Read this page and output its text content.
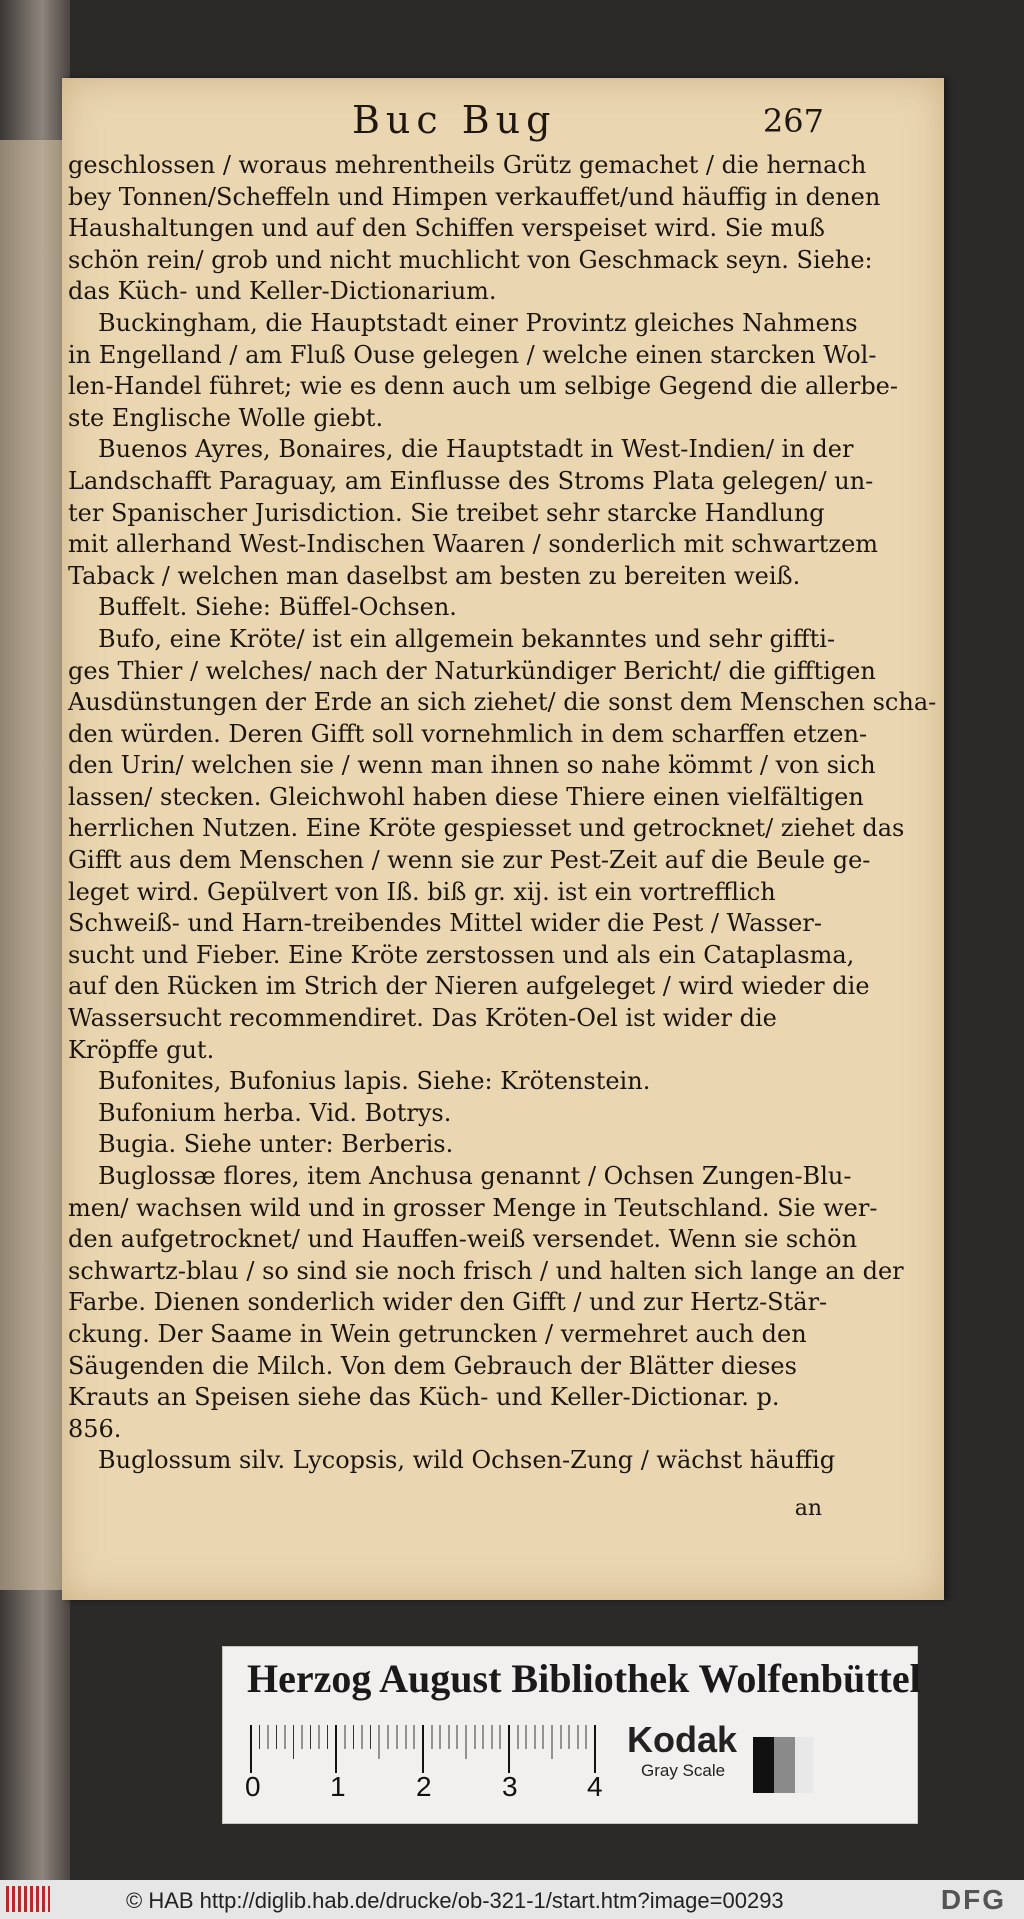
Buc Bug	267
geschlossen / woraus mehrentheils Grütz gemachet / die hernach
bey Tonnen/Scheffeln und Himpen verkauffet/und häuffig in denen
Haushaltungen und auf den Schiffen verspeiset wird. Sie muß
schön rein/ grob und nicht muchlicht von Geschmack seyn. Siehe:
das Küch- und Keller-Dictionarium.
Buckingham, die Hauptstadt einer Provintz gleiches Nahmens
in Engelland / am Fluß Ouse gelegen / welche einen starcken Wol-
len-Handel führet; wie es denn auch um selbige Gegend die allerbe-
ste Englische Wolle giebt.
Buenos Ayres, Bonaires, die Hauptstadt in West-Indien/ in der
Landschafft Paraguay, am Einflusse des Stroms Plata gelegen/ un-
ter Spanischer Jurisdiction. Sie treibet sehr starcke Handlung
mit allerhand West-Indischen Waaren / sonderlich mit schwartzem
Taback / welchen man daselbst am besten zu bereiten weiß.
Buffelt. Siehe: Büffel-Ochsen.
Bufo, eine Kröte/ ist ein allgemein bekanntes und sehr giffti-
ges Thier / welches/ nach der Naturkündiger Bericht/ die gifftigen
Ausdünstungen der Erde an sich ziehet/ die sonst dem Menschen scha-
den würden. Deren Gifft soll vornehmlich in dem scharffen etzen-
den Urin/ welchen sie / wenn man ihnen so nahe kömmt / von sich
lassen/ stecken. Gleichwohl haben diese Thiere einen vielfältigen
herrlichen Nutzen. Eine Kröte gespiesset und getrocknet/ ziehet das
Gifft aus dem Menschen / wenn sie zur Pest-Zeit auf die Beule ge-
leget wird. Gepülvert von Iß. biß gr. xij. ist ein vortrefflich
Schweiß- und Harn-treibendes Mittel wider die Pest / Wasser-
sucht und Fieber. Eine Kröte zerstossen und als ein Cataplasma,
auf den Rücken im Strich der Nieren aufgeleget / wird wieder die
Wassersucht recommendiret. Das Kröten-Oel ist wider die
Kröpffe gut.
Bufonites, Bufonius lapis. Siehe: Krötenstein.
Bufonium herba. Vid. Botrys.
Bugia. Siehe unter: Berberis.
Buglossæ flores, item Anchusa genannt / Ochsen Zungen-Blu-
men/ wachsen wild und in grosser Menge in Teutschland. Sie wer-
den aufgetrocknet/ und Hauffen-weiß versendet. Wenn sie schön
schwartz-blau / so sind sie noch frisch / und halten sich lange an der
Farbe. Dienen sonderlich wider den Gifft / und zur Hertz-Stär-
ckung. Der Saame in Wein getruncken / vermehret auch den
Säugenden die Milch. Von dem Gebrauch der Blätter dieses
Krauts an Speisen siehe das Küch- und Keller-Dictionar. p.
856.
Buglossum silv. Lycopsis, wild Ochsen-Zung / wächst häuffig
an
Herzog August Bibliothek Wolfenbüttel
0 1	2	3 4
Kodak
Gray Scale
© HAB http://diglib.hab.de/drucke/ob-321-1/start.htm?image=00293	DFG
